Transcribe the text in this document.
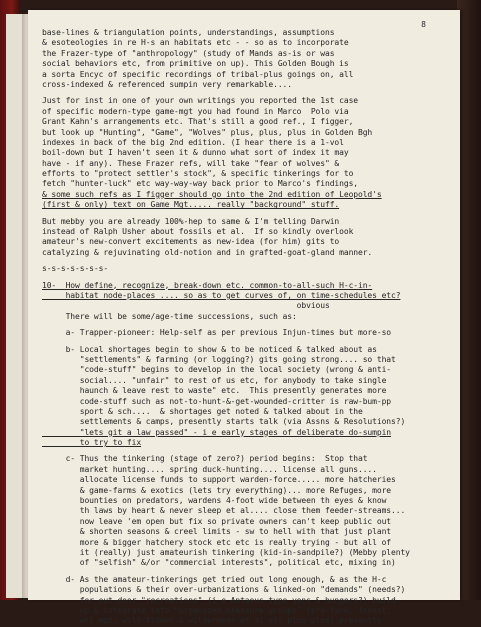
8
base-lines & triangulation points, understandings, assumptions
& esoteologies in re H-s an habitats etc - - so as to incorporate
the Frazer-type of "anthropology" (study of Mands as-is or was
social behaviors etc, from primitive on up). This Golden Bough is
a sorta Encyc of specific recordings of tribal-plus goings on, all
cross-indexed & referenced sumpin very remarkable....
Just for inst in one of your own writings you reported the 1st case
of specific modern-type game-mgt you had found in Marco  Polo via
Grant Kahn's arrangements etc. That's still a good ref., I figger,
but look up "Hunting", "Game", "Wolves" plus, plus, plus in Golden Bgh
indexes in back of the big 2nd edition. (I hear there is a 1-vol
boil-down but I haven't seen it & dunno what sort of index it may
have - if any). These Frazer refs, will take "fear of wolves" &
efforts to "protect settler's stock", & specific tinkerings for to
fetch "hunter-luck" etc way-way-way back prior to Marco's findings,
& some such refs as I figger should go into the 2nd edition of Leopold's
(first & only) text on Game Mgt..... really "background" stuff.
But mebby you are already 100%-hep to same & I'm telling Darwin
instead of Ralph Usher about fossils et al.  If so kindly overlook
amateur's new-convert excitements as new-idea (for him) gits to
catalyzing & rejuvinating old-notion and in grafted-goat-gland manner.
s-s-s-s-s-s-s-
10-  How define, recognize, break-down etc. common-to-all-such H-c-in-
habitat node-places .... so as to get curves of, on time-schedules etc?
obvious
There will be some/age-time successions, such as:
a- Trapper-pioneer: Help-self as per previous Injun-times but more-so
b- Local shortages begin to show & to be noticed & talked about as
"settlements" & farming (or logging?) gits going strong.... so that
"code-stuff" begins to develop in the local society (wrong & anti-
social.... "unfair" to rest of us etc, for anybody to take single
haunch & leave rest to waste" etc.  This presently generates more
code-stuff such as not-to-hunt-&-get-wounded-critter is raw-bum-pp
sport & sch....  & shortages get noted & talked about in the
settlements & camps, presently starts talk (via Assns & Resolutions?)
"lets git a law passed" - i e early stages of deliberate do-sumpin
to try to fix
c- Thus the tinkering (stage of zero?) period begins:  Stop that
market hunting.... spring duck-hunting.... license all guns....
allocate license funds to support warden-force..... more hatcheries
& game-farms & exotics (lets try everything)... more Refuges, more
bounties on predators, wardens 4-foot wide between th eyes & know
th laws by heart & never sleep et al.... close them feeder-streams...
now leave 'em open but fix so private owners can't keep public out
& shorten seasons & creel limits - sw to hell with that just plant
more & bigger hatchery stock etc etc is really trying - but all of
it (really) just amateurish tinkering (kid-in-sandpile?) (Mebby plenty
of "selfish" &/or "commercial interests", political etc, mixing in)
d- As the amateur-tinkerings get tried out long enough, & as the H-c
populations & their over-urbanizations & linked-on "demands" (needs?)
for out-door "recreations" (i e Antaeus-type yens & hungers?) build
up & integrate into "organized pressure groups" (pro-farm, forest,
w/l mgt, wild-flower & wilderness et al etc plus-plus) presently
